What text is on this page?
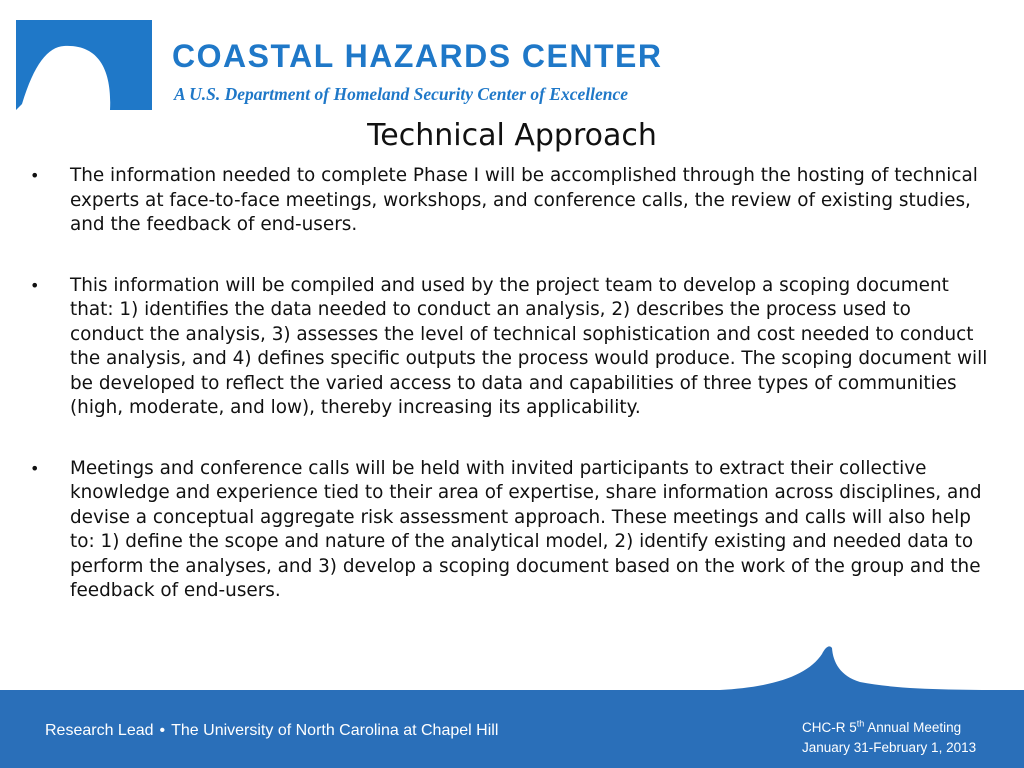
COASTAL HAZARDS CENTER
A U.S. Department of Homeland Security Center of Excellence
Technical Approach
• The information needed to complete Phase I will be accomplished through the hosting of technical experts at face-to-face meetings, workshops, and conference calls, the review of existing studies, and the feedback of end-users.
• This information will be compiled and used by the project team to develop a scoping document that: 1) identifies the data needed to conduct an analysis, 2) describes the process used to conduct the analysis, 3) assesses the level of technical sophistication and cost needed to conduct the analysis, and 4) defines specific outputs the process would produce. The scoping document will be developed to reflect the varied access to data and capabilities of three types of communities (high, moderate, and low), thereby increasing its applicability.
• Meetings and conference calls will be held with invited participants to extract their collective knowledge and experience tied to their area of expertise, share information across disciplines, and devise a conceptual aggregate risk assessment approach. These meetings and calls will also help to: 1) define the scope and nature of the analytical model, 2) identify existing and needed data to perform the analyses, and 3) develop a scoping document based on the work of the group and the feedback of end-users.
Research Lead • The University of North Carolina at Chapel Hill	CHC-R 5th Annual Meeting
January 31-February 1, 2013
